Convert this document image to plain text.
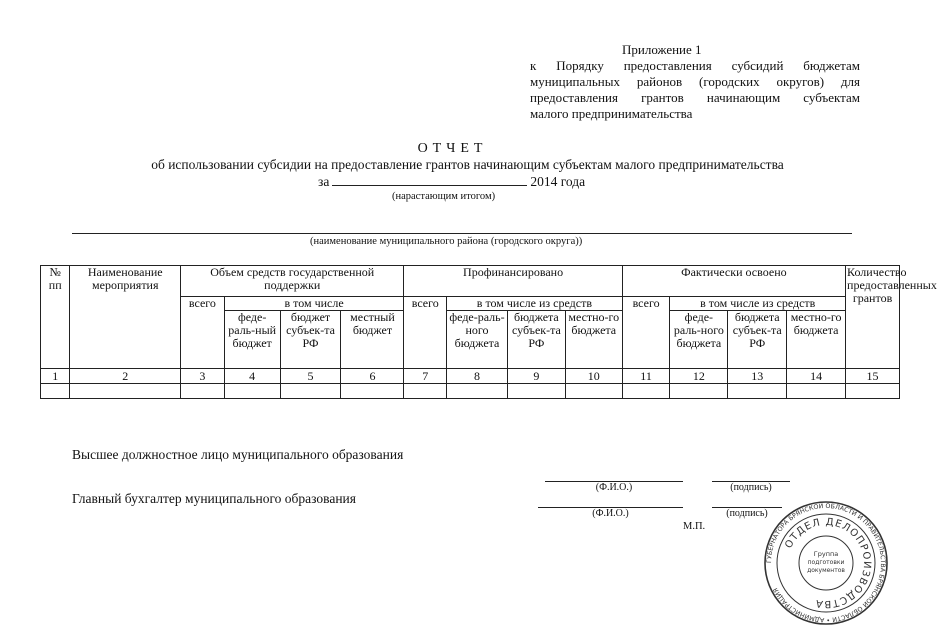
Приложение 1
к Порядку предоставления субсидий бюджетам
муниципальных районов (городских округов) для
предоставления грантов начинающим субъектам
малого предпринимательства
ОТЧЕТ
об использовании субсидии на предоставление грантов начинающим субъектам малого предпринимательства
за	2014 года
(нарастающим итогом)
(наименование муниципального района (городского округа))
№ пп	Наименование мероприятия	Объем средств государственной поддержки				Профинансировано				Фактически освоено				Количество предоставленных грантов
		всего	в том числе			всего	в том числе из средств			всего	в том числе из средств			
			феде-раль-ный бюджет	бюджет субъек-та РФ	местный бюджет		феде-раль-ного бюджета	бюджета субъек-та РФ	местно-го бюджета		феде-раль-ного бюджета	бюджета субъек-та РФ	местно-го бюджета	
1	2	3	4	5	6	7	8	9	10	11	12	13	14	15

Высшее должностное лицо муниципального образования
(Ф.И.О.)	(подпись)
Главный бухгалтер муниципального образования
(Ф.И.О.)	(подпись)
М.П.
ГУБЕРНАТОРА БРЯНСКОЙ ОБЛАСТИ И ПРАВИТЕЛЬСТВА БРЯНСКОЙ ОБЛАСТИ • АДМИНИСТРАЦИЯ
ОТДЕЛ ДЕЛОПРОИЗВОДСТВА
Группа
подготовки
документов
